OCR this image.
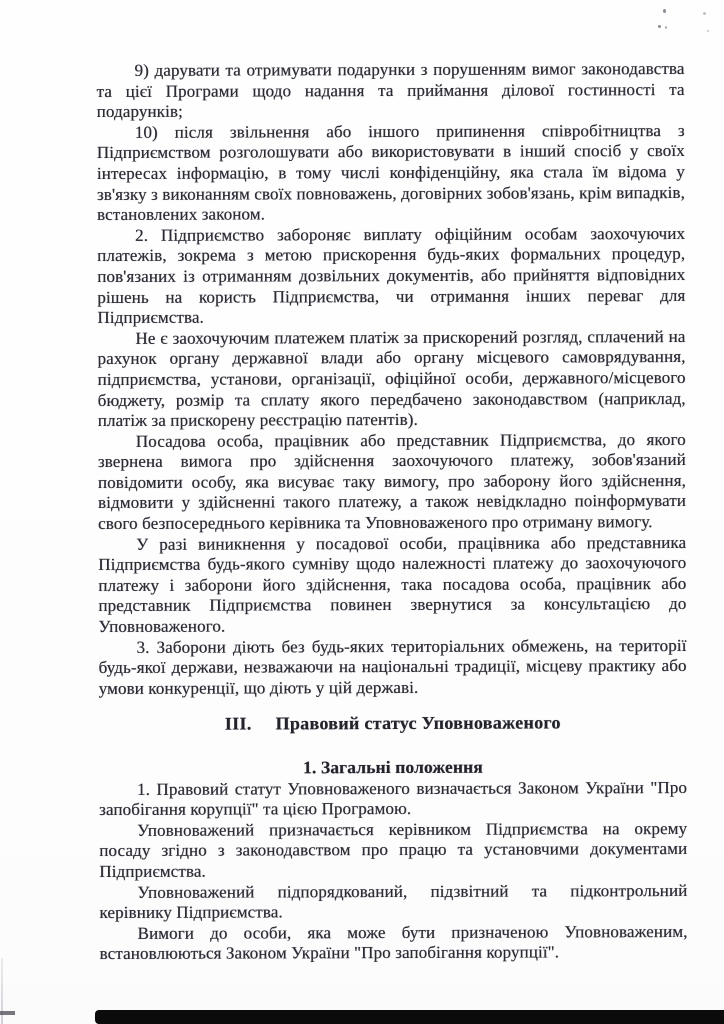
9) дарувати та отримувати подарунки з порушенням вимог законодавства та цієї Програми щодо надання та приймання ділової гостинності та подарунків;

10) після звільнення або іншого припинення співробітництва з Підприємством розголошувати або використовувати в інший спосіб у своїх інтересах інформацію, в тому числі конфіденційну, яка стала їм відома у зв'язку з виконанням своїх повноважень, договірних зобов'язань, крім випадків, встановлених законом.

2. Підприємство забороняє виплату офіційним особам заохочуючих платежів, зокрема з метою прискорення будь-яких формальних процедур, пов'язаних із отриманням дозвільних документів, або прийняття відповідних рішень на користь Підприємства, чи отримання інших переваг для Підприємства.

Не є заохочуючим платежем платіж за прискорений розгляд, сплачений на рахунок органу державної влади або органу місцевого самоврядування, підприємства, установи, організації, офіційної особи, державного/місцевого бюджету, розмір та сплату якого передбачено законодавством (наприклад, платіж за прискорену реєстрацію патентів).

Посадова особа, працівник або представник Підприємства, до якого звернена вимога про здійснення заохочуючого платежу, зобов'язаний повідомити особу, яка висуває таку вимогу, про заборону його здійснення, відмовити у здійсненні такого платежу, а також невідкладно поінформувати свого безпосереднього керівника та Уповноваженого про отриману вимогу.

У разі виникнення у посадової особи, працівника або представника Підприємства будь-якого сумніву щодо належності платежу до заохочуючого платежу і заборони його здійснення, така посадова особа, працівник або представник Підприємства повинен звернутися за консультацією до Уповноваженого.

3. Заборони діють без будь-яких територіальних обмежень, на території будь-якої держави, незважаючи на національні традиції, місцеву практику або умови конкуренції, що діють у цій державі.

III. Правовий статус Уповноваженого
1. Загальні положення

1. Правовий статут Уповноваженого визначається Законом України "Про запобігання корупції" та цією Програмою.

Уповноважений призначається керівником Підприємства на окрему посаду згідно з законодавством про працю та установчими документами Підприємства.

Уповноважений підпорядкований, підзвітний та підконтрольний керівнику Підприємства.

Вимоги до особи, яка може бути призначеною Уповноваженим, встановлюються Законом України "Про запобігання корупції".
